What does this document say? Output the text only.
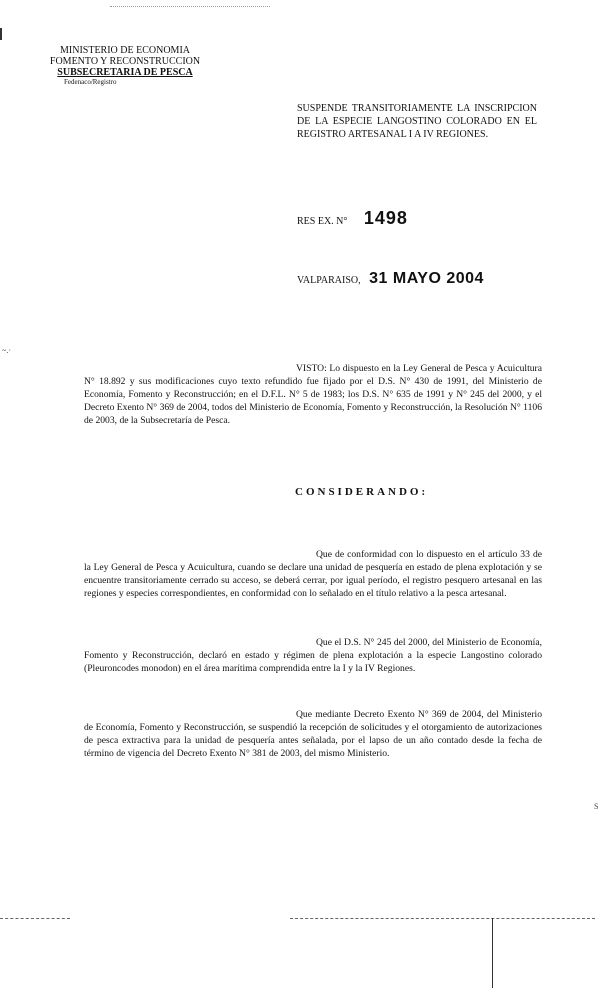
MINISTERIO DE ECONOMIA
FOMENTO Y RECONSTRUCCION
SUBSECRETARIA DE PESCA
Fedenaco/Registro
SUSPENDE TRANSITORIAMENTE LA INSCRIPCION DE LA ESPECIE LANGOSTINO COLORADO EN EL REGISTRO ARTESANAL I A IV REGIONES.
RES EX. N° 1498
VALPARAISO, 31 MAYO 2004
~.·
VISTO: Lo dispuesto en la Ley General de Pesca y Acuicultura N° 18.892 y sus modificaciones cuyo texto refundido fue fijado por el D.S. N° 430 de 1991, del Ministerio de Economía, Fomento y Reconstrucción; en el D.F.L. N° 5 de 1983; los D.S. N° 635 de 1991 y N° 245 del 2000, y el Decreto Exento N° 369 de 2004, todos del Ministerio de Economía, Fomento y Reconstrucción, la Resolución N° 1106 de 2003, de la Subsecretaría de Pesca.
CONSIDERANDO:
Que de conformidad con lo dispuesto en el artículo 33 de la Ley General de Pesca y Acuicultura, cuando se declare una unidad de pesquería en estado de plena explotación y se encuentre transitoriamente cerrado su acceso, se deberá cerrar, por igual período, el registro pesquero artesanal en las regiones y especies correspondientes, en conformidad con lo señalado en el título relativo a la pesca artesanal.
Que el D.S. N° 245 del 2000, del Ministerio de Economía, Fomento y Reconstrucción, declaró en estado y régimen de plena explotación a la especie Langostino colorado (Pleuroncodes monodon) en el área marítima comprendida entre la I y la IV Regiones.
Que mediante Decreto Exento N° 369 de 2004, del Ministerio de Economía, Fomento y Reconstrucción, se suspendió la recepción de solicitudes y el otorgamiento de autorizaciones de pesca extractiva para la unidad de pesquería antes señalada, por el lapso de un año contado desde la fecha de término de vigencia del Decreto Exento N° 381 de 2003, del mismo Ministerio.
S
